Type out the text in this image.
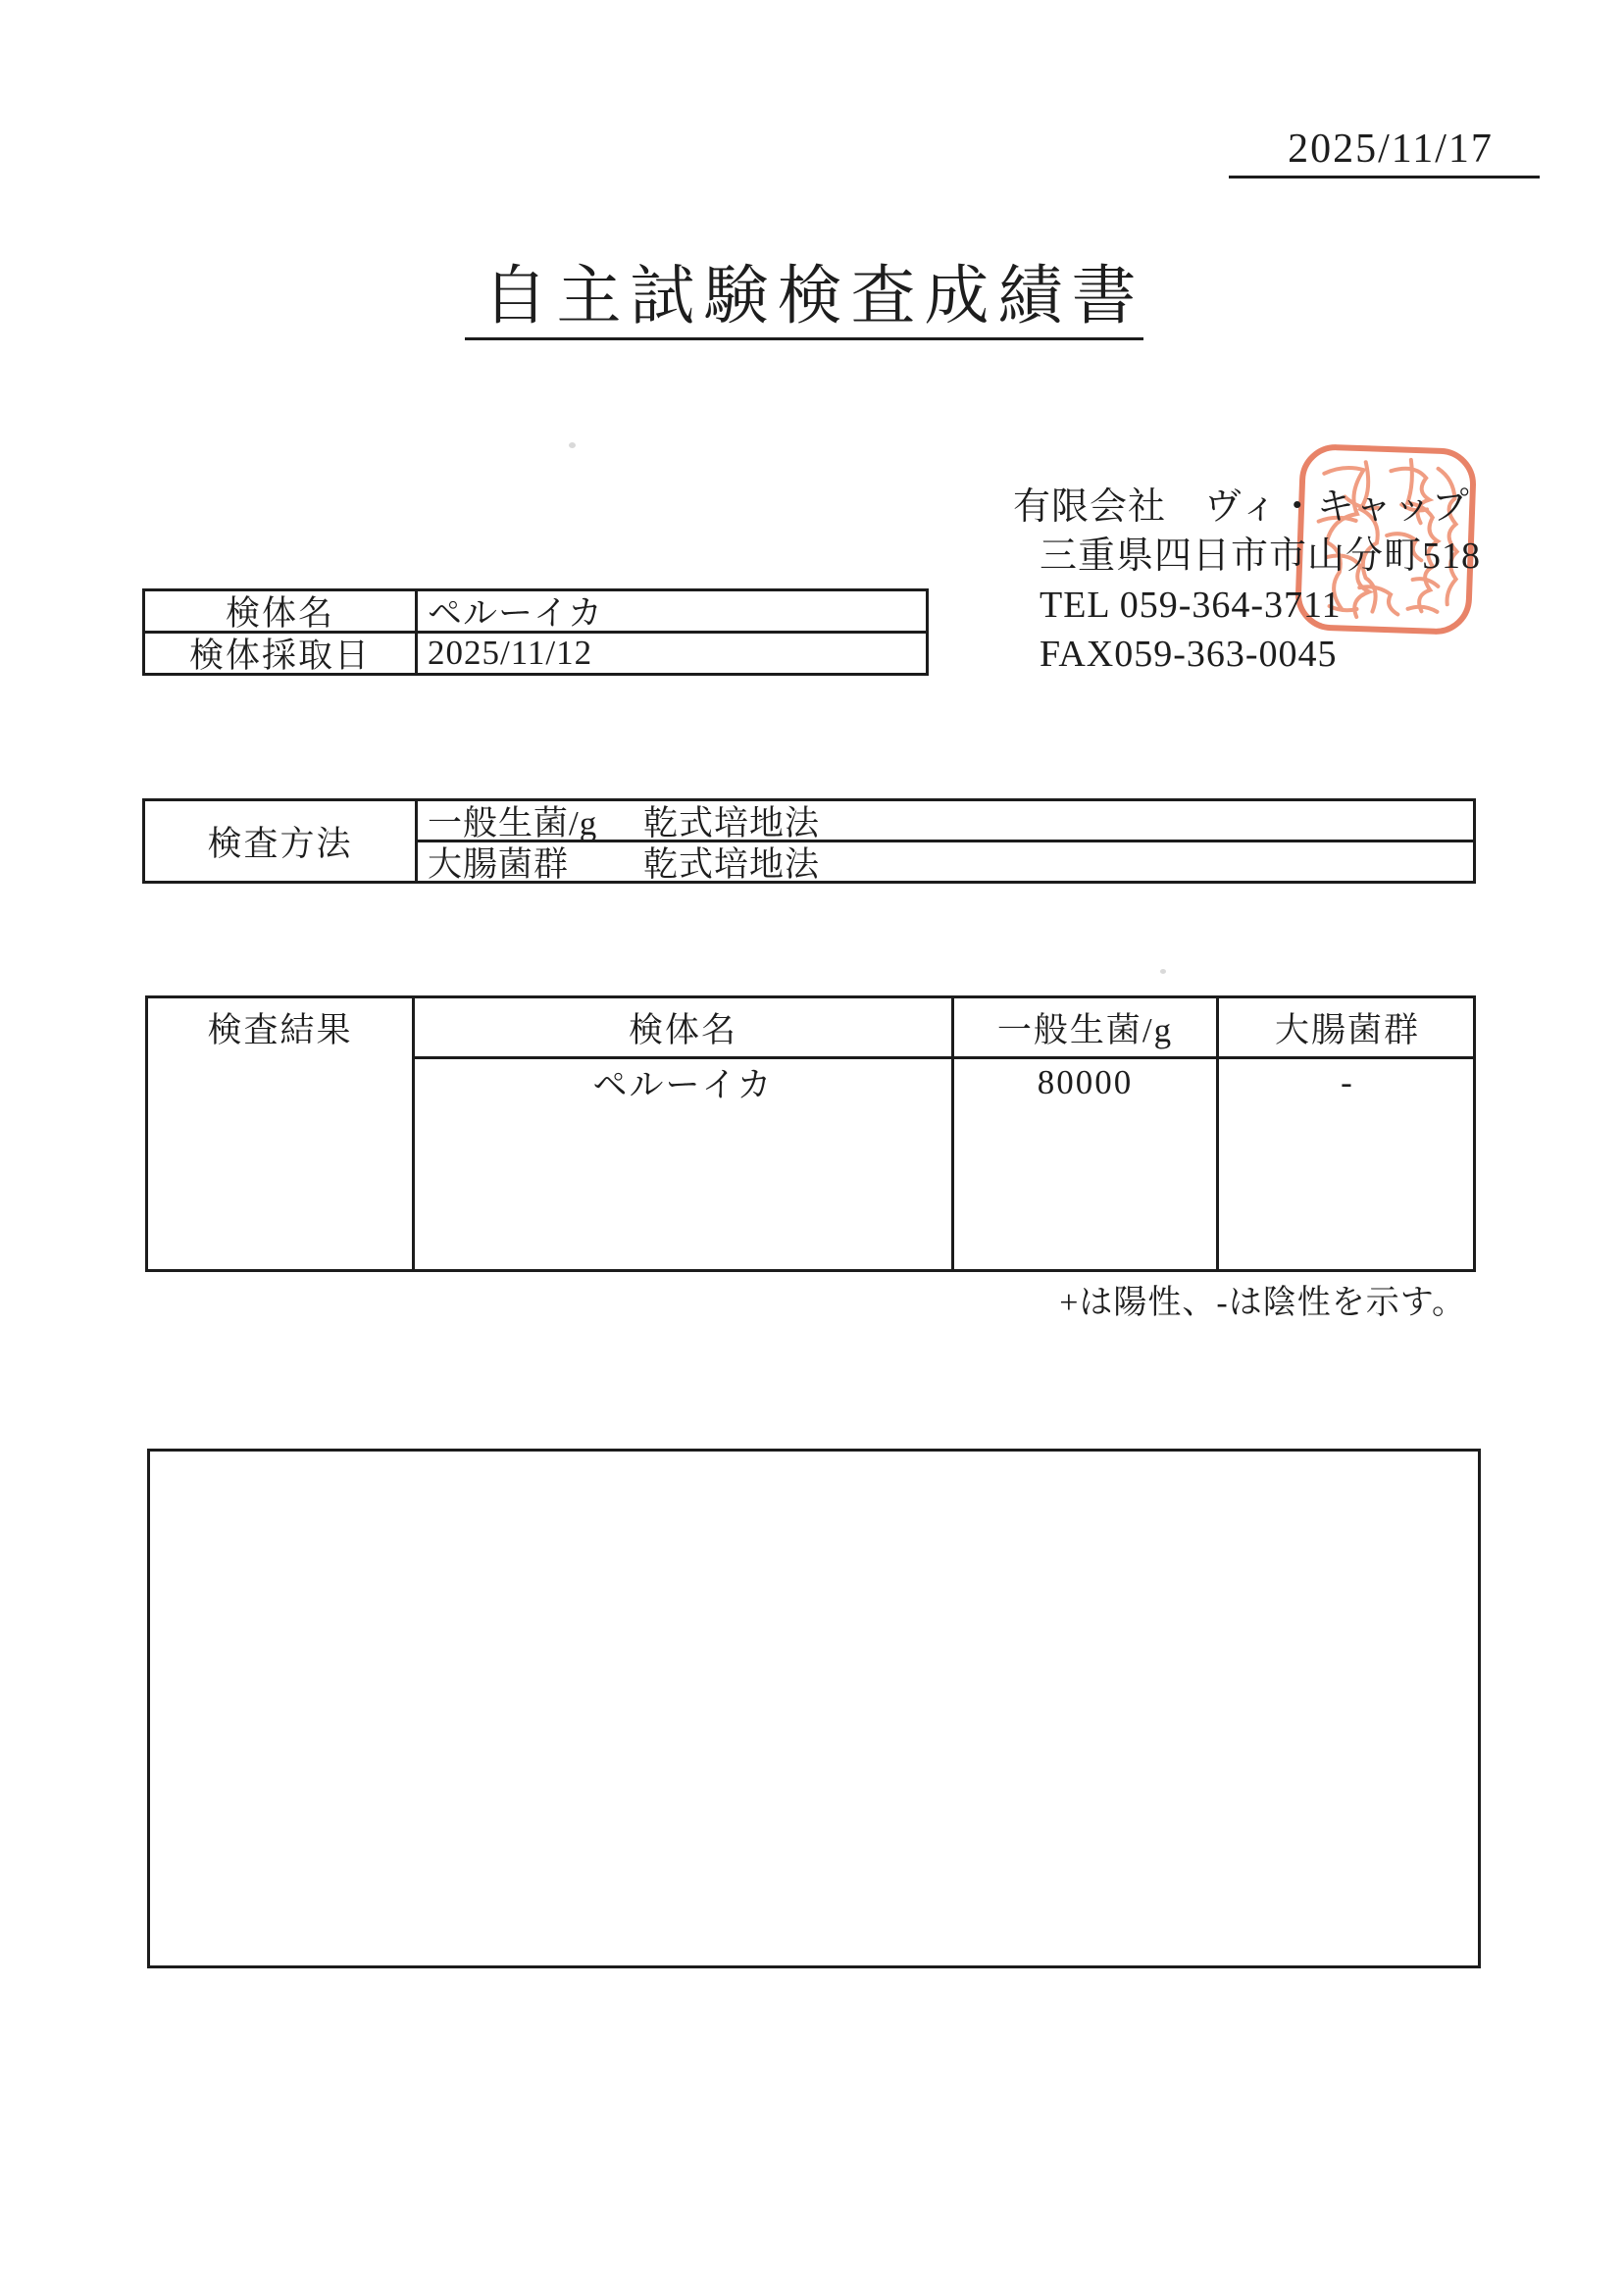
2025/11/17
自主試験検査成績書
有限会社　ヴィ・キャップ
三重県四日市市山分町518
TEL 059-364-3711
FAX059-363-0045
検体名	ペルーイカ
検体採取日	2025/11/12
検査方法
一般生菌/g	乾式培地法
大腸菌群	乾式培地法
検査結果	検体名	一般生菌/g	大腸菌群
ペルーイカ	80000	-
+は陽性、-は陰性を示す。
